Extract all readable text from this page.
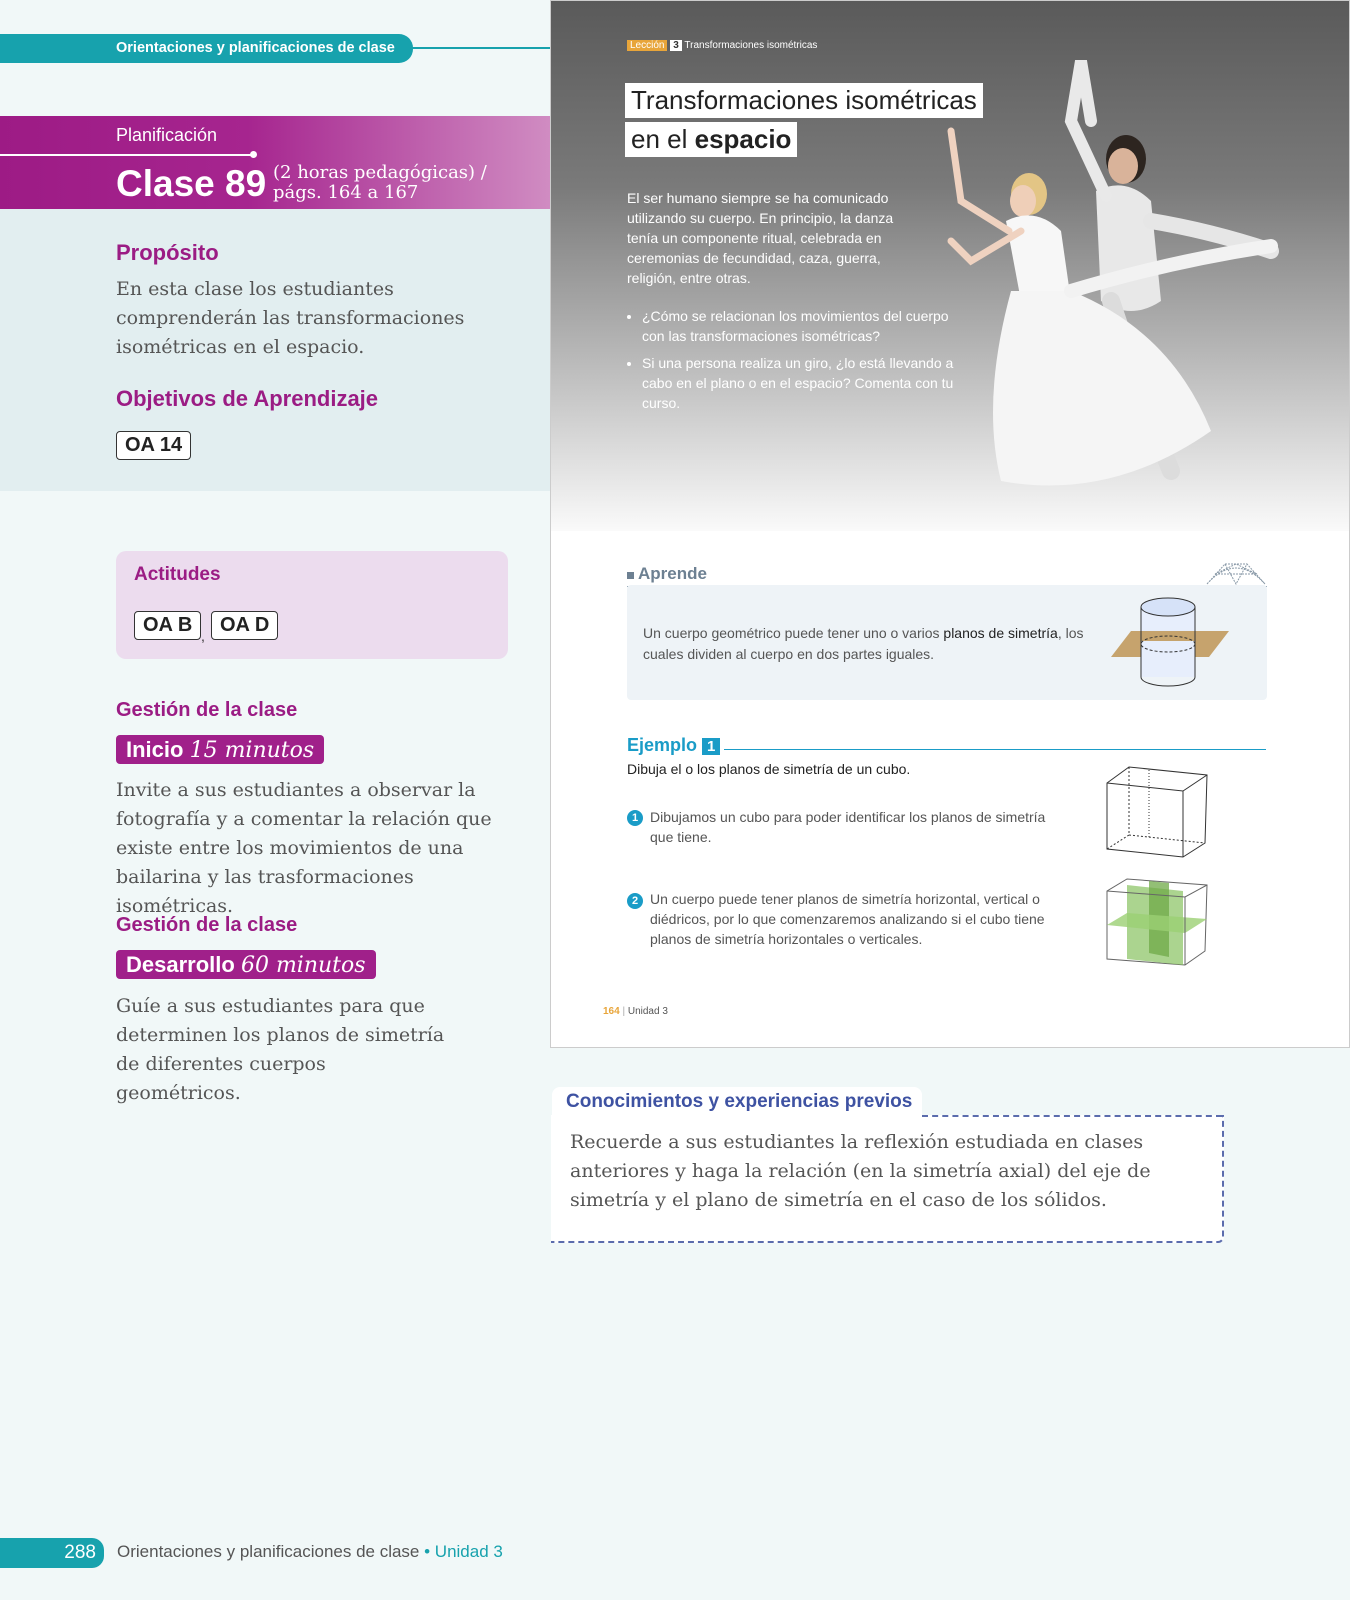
Orientaciones y planificaciones de clase
Planificación
Clase 89 (2 horas pedagógicas) / págs. 164 a 167
Propósito
En esta clase los estudiantes comprenderán las transformaciones isométricas en el espacio.
Objetivos de Aprendizaje
OA 14
Actitudes
OA B , OA D
Gestión de la clase
Inicio 15 minutos
Invite a sus estudiantes a observar la fotografía y a comentar la relación que existe entre los movimientos de una bailarina y las trasformaciones isométricas.
Gestión de la clase
Desarrollo 60 minutos
Guíe a sus estudiantes para que determinen los planos de simetría de diferentes cuerpos geométricos.
Lección 3 Transformaciones isométricas
Transformaciones isométricas
en el espacio
El ser humano siempre se ha comunicado utilizando su cuerpo. En principio, la danza tenía un componente ritual, celebrada en ceremonias de fecundidad, caza, guerra, religión, entre otras.
• ¿Cómo se relacionan los movimientos del cuerpo con las transformaciones isométricas?
• Si una persona realiza un giro, ¿lo está llevando a cabo en el plano o en el espacio? Comenta con tu curso.
Aprende
Un cuerpo geométrico puede tener uno o varios planos de simetría, los cuales dividen al cuerpo en dos partes iguales.
Ejemplo 1
Dibuja el o los planos de simetría de un cubo.
1 Dibujamos un cubo para poder identificar los planos de simetría que tiene.
2 Un cuerpo puede tener planos de simetría horizontal, vertical o diédricos, por lo que comenzaremos analizando si el cubo tiene planos de simetría horizontales o verticales.
164 | Unidad 3
Conocimientos y experiencias previos
Recuerde a sus estudiantes la reflexión estudiada en clases anteriores y haga la relación (en la simetría axial) del eje de simetría y el plano de simetría en el caso de los sólidos.
288	Orientaciones y planificaciones de clase • Unidad 3
